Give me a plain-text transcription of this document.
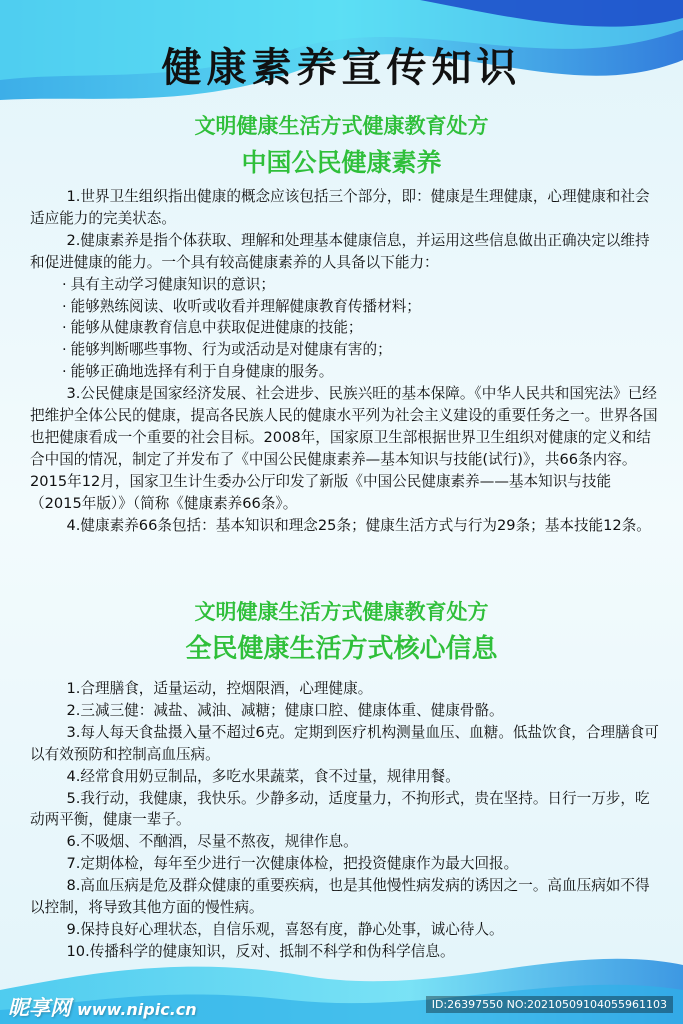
健康素养宣传知识
文明健康生活方式健康教育处方
中国公民健康素养

1.世界卫生组织指出健康的概念应该包括三个部分，即：健康是生理健康，心理健康和社会适应能力的完美状态。

2.健康素养是指个体获取、理解和处理基本健康信息，并运用这些信息做出正确决定以维持和促进健康的能力。一个具有较高健康素养的人具备以下能力：

· 具有主动学习健康知识的意识；

· 能够熟练阅读、收听或收看并理解健康教育传播材料；

· 能够从健康教育信息中获取促进健康的技能；

· 能够判断哪些事物、行为或活动是对健康有害的；

· 能够正确地选择有利于自身健康的服务。

3.公民健康是国家经济发展、社会进步、民族兴旺的基本保障。《中华人民共和国宪法》已经把维护全体公民的健康，提高各民族人民的健康水平列为社会主义建设的重要任务之一。世界各国也把健康看成一个重要的社会目标。2008年，国家原卫生部根据世界卫生组织对健康的定义和结合中国的情况，制定了并发布了《中国公民健康素养—基本知识与技能(试行)》，共66条内容。2015年12月，国家卫生计生委办公厅印发了新版《中国公民健康素养——基本知识与技能（2015年版）》（简称《健康素养66条》。

4.健康素养66条包括：基本知识和理念25条；健康生活方式与行为29条；基本技能12条。

文明健康生活方式健康教育处方
全民健康生活方式核心信息

1.合理膳食，适量运动，控烟限酒，心理健康。

2.三减三健：减盐、减油、减糖；健康口腔、健康体重、健康骨骼。

3.每人每天食盐摄入量不超过6克。定期到医疗机构测量血压、血糖。低盐饮食，合理膳食可以有效预防和控制高血压病。

4.经常食用奶豆制品，多吃水果蔬菜，食不过量，规律用餐。

5.我行动，我健康，我快乐。少静多动，适度量力，不拘形式，贵在坚持。日行一万步，吃动两平衡，健康一辈子。

6.不吸烟、不酗酒，尽量不熬夜，规律作息。

7.定期体检，每年至少进行一次健康体检，把投资健康作为最大回报。

8.高血压病是危及群众健康的重要疾病，也是其他慢性病发病的诱因之一。高血压病如不得以控制，将导致其他方面的慢性病。

9.保持良好心理状态，自信乐观，喜怒有度，静心处事，诚心待人。

10.传播科学的健康知识，反对、抵制不科学和伪科学信息。

昵享网 www.nipic.cn	ID:26397550 NO:20210509104055961103
